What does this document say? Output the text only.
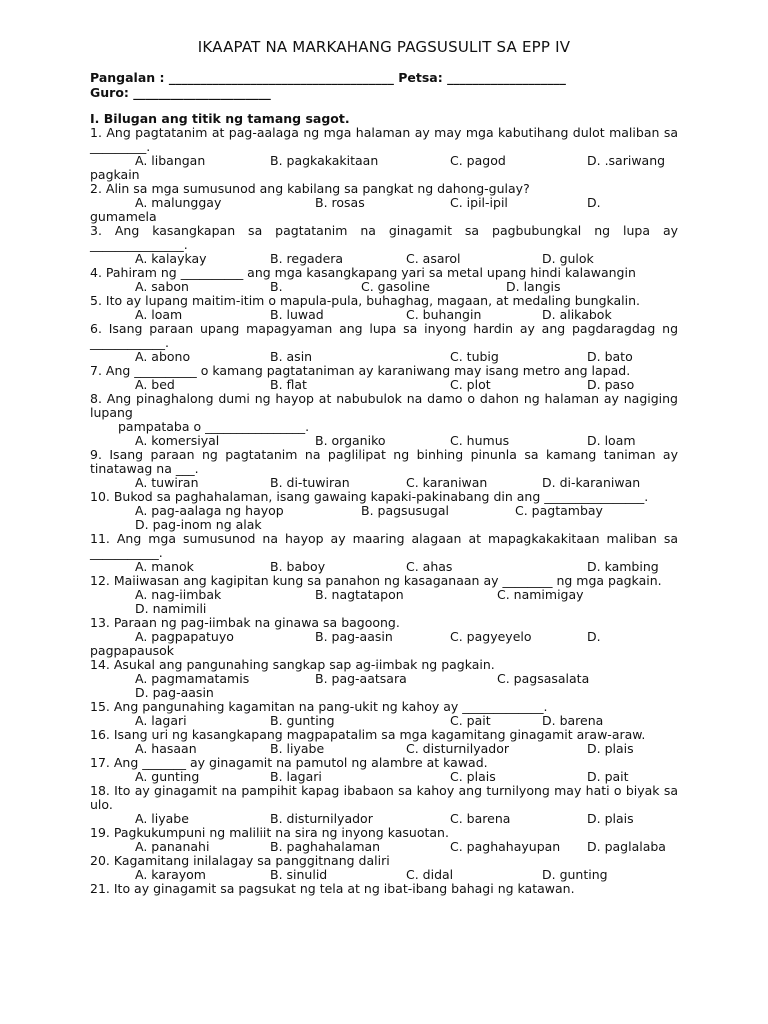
IKAAPAT NA MARKAHANG PAGSUSULIT SA EPP IV
Pangalan : ____________________________________ Petsa: ___________________
Guro: ______________________
I. Bilugan ang titik ng tamang sagot.
1. Ang pagtatanim at pag-aalaga ng mga halaman ay may mga kabutihang dulot maliban sa _________.
A. libangan	B. pagkakakitaan	C. pagod	D. .sariwang
pagkain
2. Alin sa mga sumusunod ang kabilang sa pangkat ng dahong-gulay?
A. malunggay	B. rosas	C. ipil-ipil	D.
gumamela
3. Ang kasangkapan sa pagtatanim na ginagamit sa pagbubungkal ng lupa ay _______________.
A. kalaykay	B. regadera	C. asarol	D. gulok
4. Pahiram ng __________ ang mga kasangkapang yari sa metal upang hindi kalawangin
A. sabon	B.	C. gasoline	D. langis
5. Ito ay lupang maitim-itim o mapula-pula, buhaghag, magaan, at medaling bungkalin.
A. loam	B. luwad	C. buhangin	D. alikabok
6. Isang paraan upang mapagyaman ang lupa sa inyong hardin ay ang pagdaragdag ng ____________.
A. abono	B. asin	C. tubig	D. bato
7. Ang __________ o kamang pagtataniman ay karaniwang may isang metro ang lapad.
A. bed	B. flat	C. plot	D. paso
8. Ang pinaghalong dumi ng hayop at nabubulok na damo o dahon ng halaman ay nagiging lupang
pampataba o ________________.
A. komersiyal	B. organiko	C. humus	D. loam
9. Isang paraan ng pagtatanim na paglilipat ng binhing pinunla sa kamang taniman ay tinatawag na ___.
A. tuwiran	B. di-tuwiran	C. karaniwan	D. di-karaniwan
10. Bukod sa paghahalaman, isang gawaing kapaki-pakinabang din ang ________________.
A. pag-aalaga ng hayop	B. pagsusugal	C. pagtambay
D. pag-inom ng alak
11. Ang mga sumusunod na hayop ay maaring alagaan at mapagkakakitaan maliban sa ___________.
A. manok	B. baboy	C. ahas	D. kambing
12. Maiiwasan ang kagipitan kung sa panahon ng kasaganaan ay ________ ng mga pagkain.
A. nag-iimbak	B. nagtatapon	C. namimigay
D. namimili
13. Paraan ng pag-iimbak na ginawa sa bagoong.
A. pagpapatuyo	B. pag-aasin	C. pagyeyelo	D.
pagpapausok
14. Asukal ang pangunahing sangkap sap ag-iimbak ng pagkain.
A. pagmamatamis	B. pag-aatsara	C. pagsasalata
D. pag-aasin
15. Ang pangunahing kagamitan na pang-ukit ng kahoy ay _____________.
A. lagari	B. gunting	C. pait	D. barena
16. Isang uri ng kasangkapang magpapatalim sa mga kagamitang ginagamit araw-araw.
A. hasaan	B. liyabe	C. disturnilyador	D. plais
17. Ang _______ ay ginagamit na pamutol ng alambre at kawad.
A. gunting	B. lagari	C. plais	D. pait
18. Ito ay ginagamit na pampihit kapag ibabaon sa kahoy ang turnilyong may hati o biyak sa ulo.
A. liyabe	B. disturnilyador	C. barena	D. plais
19. Pagkukumpuni ng maliliit na sira ng inyong kasuotan.
A. pananahi	B. paghahalaman	C. paghahayupan D. paglalaba
20. Kagamitang inilalagay sa panggitnang daliri
A. karayom	B. sinulid	C. didal	D. gunting
21. Ito ay ginagamit sa pagsukat ng tela at ng ibat-ibang bahagi ng katawan.
